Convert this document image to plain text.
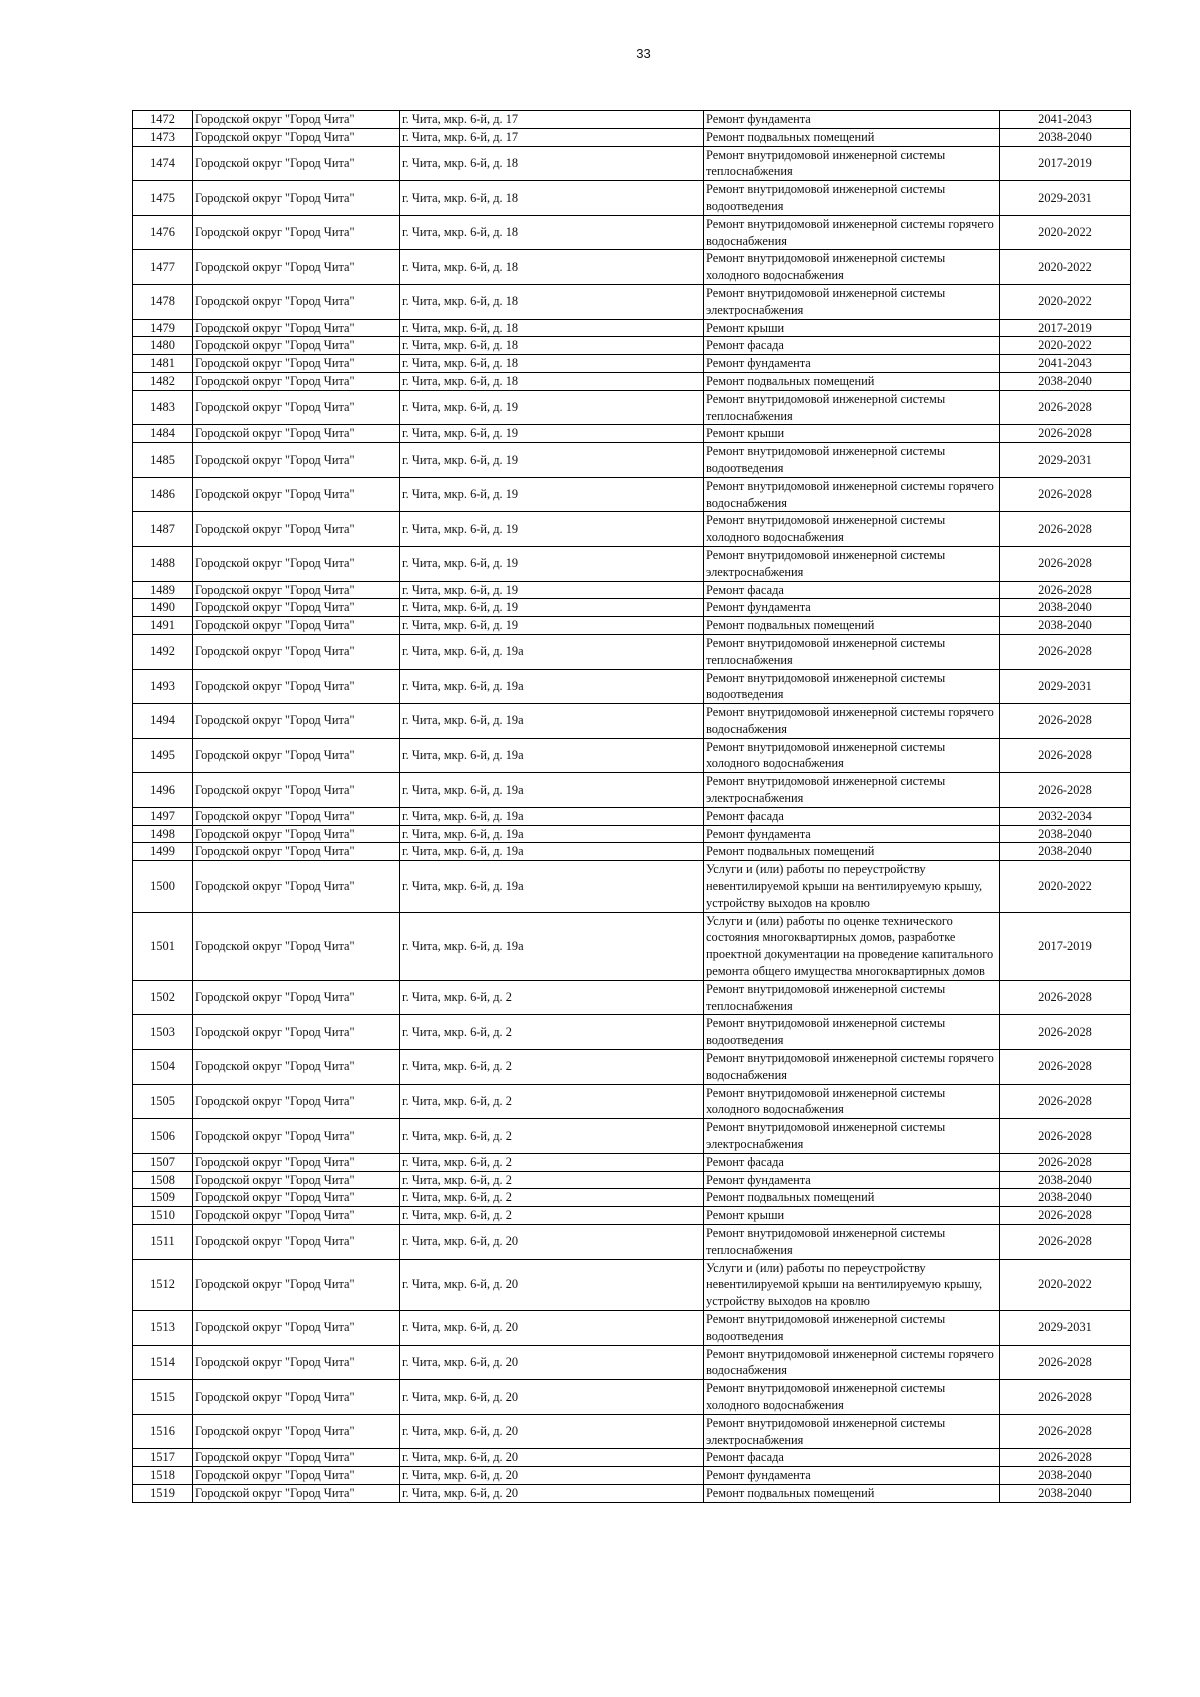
33
1472	Городской округ "Город Чита"	г. Чита, мкр. 6-й, д. 17	Ремонт фундамента	2041-2043
1473	Городской округ "Город Чита"	г. Чита, мкр. 6-й, д. 17	Ремонт подвальных помещений	2038-2040
1474	Городской округ "Город Чита"	г. Чита, мкр. 6-й, д. 18	Ремонт внутридомовой инженерной системы теплоснабжения	2017-2019
1475	Городской округ "Город Чита"	г. Чита, мкр. 6-й, д. 18	Ремонт внутридомовой инженерной системы водоотведения	2029-2031
1476	Городской округ "Город Чита"	г. Чита, мкр. 6-й, д. 18	Ремонт внутридомовой инженерной системы горячего водоснабжения	2020-2022
1477	Городской округ "Город Чита"	г. Чита, мкр. 6-й, д. 18	Ремонт внутридомовой инженерной системы холодного водоснабжения	2020-2022
1478	Городской округ "Город Чита"	г. Чита, мкр. 6-й, д. 18	Ремонт внутридомовой инженерной системы электроснабжения	2020-2022
1479	Городской округ "Город Чита"	г. Чита, мкр. 6-й, д. 18	Ремонт крыши	2017-2019
1480	Городской округ "Город Чита"	г. Чита, мкр. 6-й, д. 18	Ремонт фасада	2020-2022
1481	Городской округ "Город Чита"	г. Чита, мкр. 6-й, д. 18	Ремонт фундамента	2041-2043
1482	Городской округ "Город Чита"	г. Чита, мкр. 6-й, д. 18	Ремонт подвальных помещений	2038-2040
1483	Городской округ "Город Чита"	г. Чита, мкр. 6-й, д. 19	Ремонт внутридомовой инженерной системы теплоснабжения	2026-2028
1484	Городской округ "Город Чита"	г. Чита, мкр. 6-й, д. 19	Ремонт крыши	2026-2028
1485	Городской округ "Город Чита"	г. Чита, мкр. 6-й, д. 19	Ремонт внутридомовой инженерной системы водоотведения	2029-2031
1486	Городской округ "Город Чита"	г. Чита, мкр. 6-й, д. 19	Ремонт внутридомовой инженерной системы горячего водоснабжения	2026-2028
1487	Городской округ "Город Чита"	г. Чита, мкр. 6-й, д. 19	Ремонт внутридомовой инженерной системы холодного водоснабжения	2026-2028
1488	Городской округ "Город Чита"	г. Чита, мкр. 6-й, д. 19	Ремонт внутридомовой инженерной системы электроснабжения	2026-2028
1489	Городской округ "Город Чита"	г. Чита, мкр. 6-й, д. 19	Ремонт фасада	2026-2028
1490	Городской округ "Город Чита"	г. Чита, мкр. 6-й, д. 19	Ремонт фундамента	2038-2040
1491	Городской округ "Город Чита"	г. Чита, мкр. 6-й, д. 19	Ремонт подвальных помещений	2038-2040
1492	Городской округ "Город Чита"	г. Чита, мкр. 6-й, д. 19а	Ремонт внутридомовой инженерной системы теплоснабжения	2026-2028
1493	Городской округ "Город Чита"	г. Чита, мкр. 6-й, д. 19а	Ремонт внутридомовой инженерной системы водоотведения	2029-2031
1494	Городской округ "Город Чита"	г. Чита, мкр. 6-й, д. 19а	Ремонт внутридомовой инженерной системы горячего водоснабжения	2026-2028
1495	Городской округ "Город Чита"	г. Чита, мкр. 6-й, д. 19а	Ремонт внутридомовой инженерной системы холодного водоснабжения	2026-2028
1496	Городской округ "Город Чита"	г. Чита, мкр. 6-й, д. 19а	Ремонт внутридомовой инженерной системы электроснабжения	2026-2028
1497	Городской округ "Город Чита"	г. Чита, мкр. 6-й, д. 19а	Ремонт фасада	2032-2034
1498	Городской округ "Город Чита"	г. Чита, мкр. 6-й, д. 19а	Ремонт фундамента	2038-2040
1499	Городской округ "Город Чита"	г. Чита, мкр. 6-й, д. 19а	Ремонт подвальных помещений	2038-2040
1500	Городской округ "Город Чита"	г. Чита, мкр. 6-й, д. 19а	Услуги и (или) работы по переустройству невентилируемой крыши на вентилируемую крышу, устройству выходов на кровлю	2020-2022
1501	Городской округ "Город Чита"	г. Чита, мкр. 6-й, д. 19а	Услуги и (или) работы по оценке технического состояния многоквартирных домов, разработке проектной документации на проведение капитального ремонта общего имущества многоквартирных домов	2017-2019
1502	Городской округ "Город Чита"	г. Чита, мкр. 6-й, д. 2	Ремонт внутридомовой инженерной системы теплоснабжения	2026-2028
1503	Городской округ "Город Чита"	г. Чита, мкр. 6-й, д. 2	Ремонт внутридомовой инженерной системы водоотведения	2026-2028
1504	Городской округ "Город Чита"	г. Чита, мкр. 6-й, д. 2	Ремонт внутридомовой инженерной системы горячего водоснабжения	2026-2028
1505	Городской округ "Город Чита"	г. Чита, мкр. 6-й, д. 2	Ремонт внутридомовой инженерной системы холодного водоснабжения	2026-2028
1506	Городской округ "Город Чита"	г. Чита, мкр. 6-й, д. 2	Ремонт внутридомовой инженерной системы электроснабжения	2026-2028
1507	Городской округ "Город Чита"	г. Чита, мкр. 6-й, д. 2	Ремонт фасада	2026-2028
1508	Городской округ "Город Чита"	г. Чита, мкр. 6-й, д. 2	Ремонт фундамента	2038-2040
1509	Городской округ "Город Чита"	г. Чита, мкр. 6-й, д. 2	Ремонт подвальных помещений	2038-2040
1510	Городской округ "Город Чита"	г. Чита, мкр. 6-й, д. 2	Ремонт крыши	2026-2028
1511	Городской округ "Город Чита"	г. Чита, мкр. 6-й, д. 20	Ремонт внутридомовой инженерной системы теплоснабжения	2026-2028
1512	Городской округ "Город Чита"	г. Чита, мкр. 6-й, д. 20	Услуги и (или) работы по переустройству невентилируемой крыши на вентилируемую крышу, устройству выходов на кровлю	2020-2022
1513	Городской округ "Город Чита"	г. Чита, мкр. 6-й, д. 20	Ремонт внутридомовой инженерной системы водоотведения	2029-2031
1514	Городской округ "Город Чита"	г. Чита, мкр. 6-й, д. 20	Ремонт внутридомовой инженерной системы горячего водоснабжения	2026-2028
1515	Городской округ "Город Чита"	г. Чита, мкр. 6-й, д. 20	Ремонт внутридомовой инженерной системы холодного водоснабжения	2026-2028
1516	Городской округ "Город Чита"	г. Чита, мкр. 6-й, д. 20	Ремонт внутридомовой инженерной системы электроснабжения	2026-2028
1517	Городской округ "Город Чита"	г. Чита, мкр. 6-й, д. 20	Ремонт фасада	2026-2028
1518	Городской округ "Город Чита"	г. Чита, мкр. 6-й, д. 20	Ремонт фундамента	2038-2040
1519	Городской округ "Город Чита"	г. Чита, мкр. 6-й, д. 20	Ремонт подвальных помещений	2038-2040
